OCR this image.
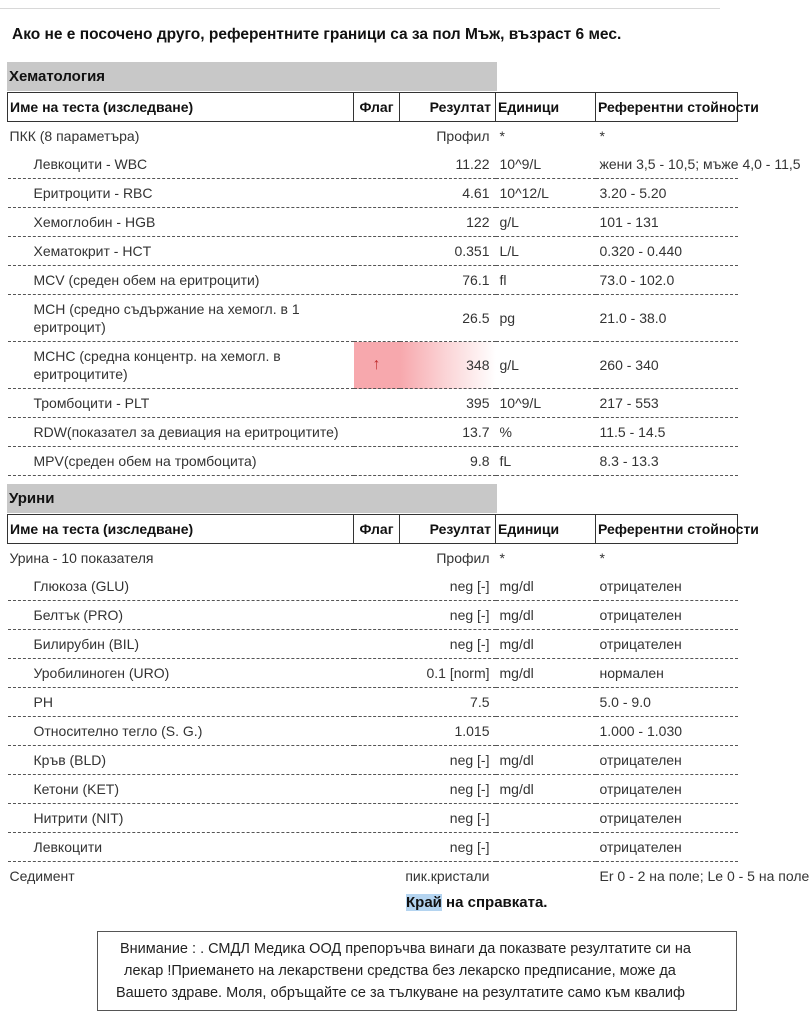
Ако не е посочено друго, референтните граници са за пол Мъж, възраст 6 мес.
Хематология
Име на теста (изследване)	Флаг	Резултат	Единици	Референтни стойности
ПКК (8 параметъра)		Профил	*	*
Левкоцити - WBC		11.22	10^9/L	жени 3,5 - 10,5; мъже 4,0 - 11,5
Еритроцити - RBC		4.61	10^12/L	3.20 - 5.20
Хемоглобин - HGB		122	g/L	101 - 131
Хематокрит - HCT		0.351	L/L	0.320 - 0.440
MCV (среден обем на еритроцити)		76.1	fl	73.0 - 102.0
MCH (средно съдържание на хемогл. в 1 еритроцит)		26.5	pg	21.0 - 38.0
MCHC (средна концентр. на хемогл. в еритроцитите)	↑	348	g/L	260 - 340
Тромбоцити - PLT		395	10^9/L	217 - 553
RDW(показател за девиация на еритроцитите)		13.7	%	11.5 - 14.5
MPV(среден обем на тромбоцита)		9.8	fL	8.3 - 13.3
Урини
Име на теста (изследване)	Флаг	Резултат	Единици	Референтни стойности
Урина - 10 показателя		Профил	*	*
Глюкоза (GLU)		neg [-]	mg/dl	отрицателен
Белтък (PRO)		neg [-]	mg/dl	отрицателен
Билирубин (BIL)		neg [-]	mg/dl	отрицателен
Уробилиноген (URO)		0.1 [norm]	mg/dl	нормален
PH		7.5		5.0 - 9.0
Относително тегло (S. G.)		1.015		1.000 - 1.030
Кръв (BLD)		neg [-]	mg/dl	отрицателен
Кетони (KET)		neg [-]	mg/dl	отрицателен
Нитрити (NIT)		neg [-]		отрицателен
Левкоцити		neg [-]		отрицателен
Седимент		пик.кристали		Er 0 - 2 на поле; Le 0 - 5 на поле
Край на справката.
Внимание : . СМДЛ Медика ООД препоръчва винаги да показвате резултатите си на
лекар !Приемането на лекарствени средства без лекарско предписание, може да
Вашето здраве. Моля, обръщайте се за тълкуване на резултатите само към квалиф
